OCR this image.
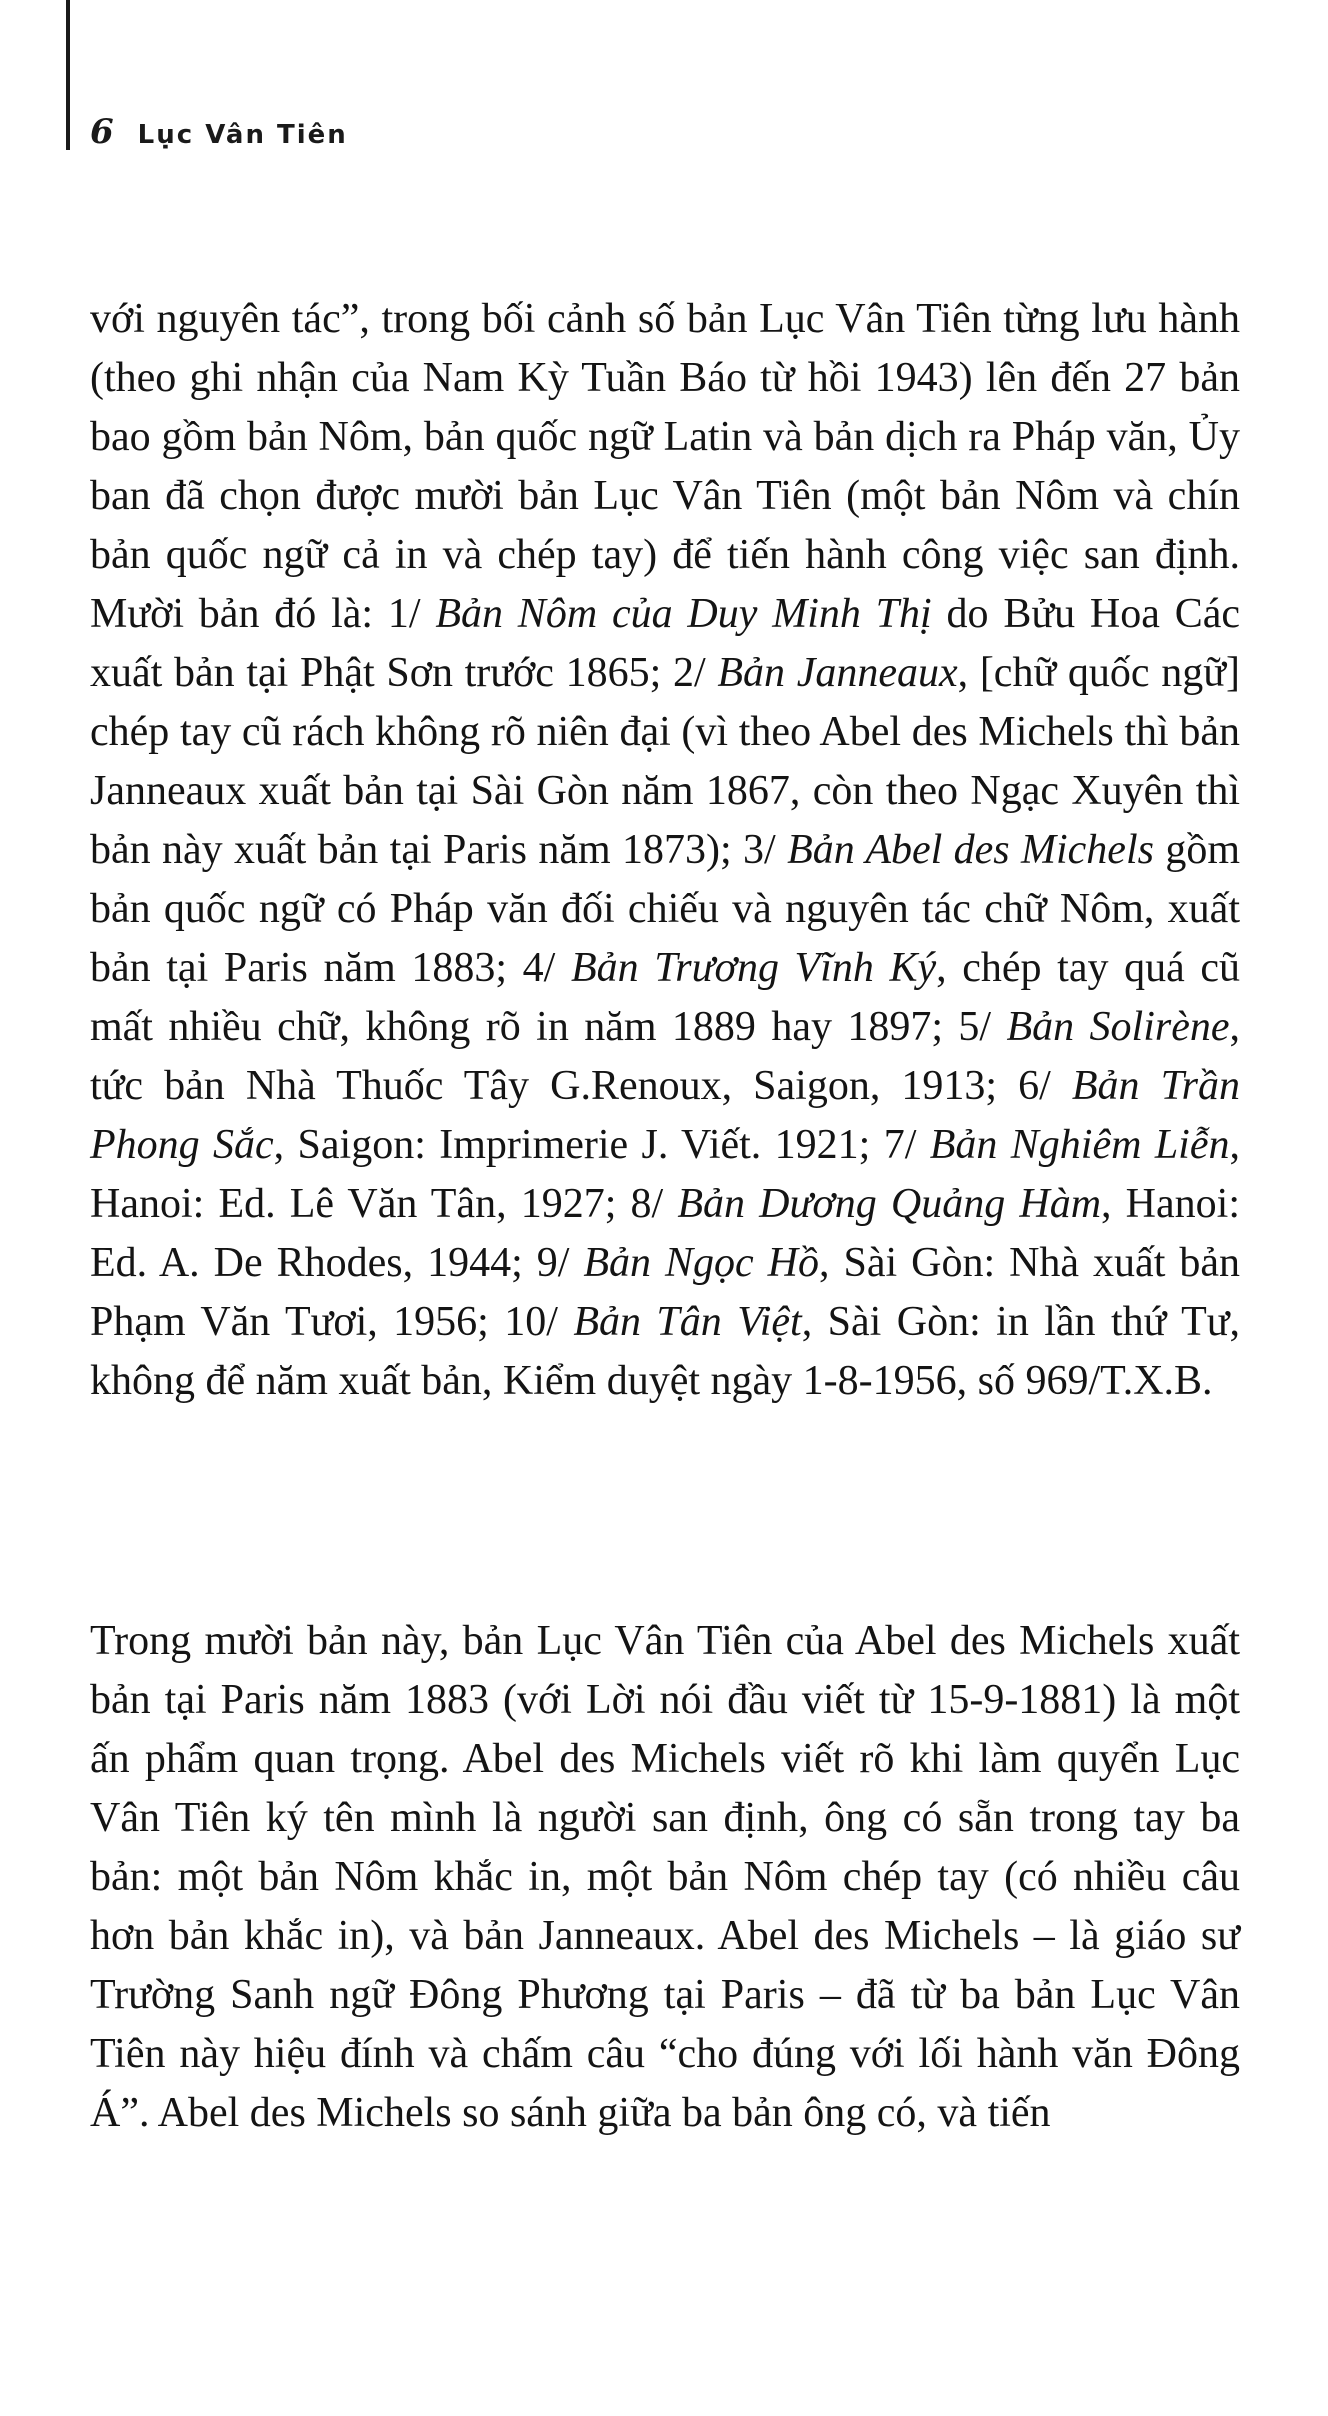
6 Lục Vân Tiên

với nguyên tác”, trong bối cảnh số bản Lục Vân Tiên từng lưu hành (theo ghi nhận của Nam Kỳ Tuần Báo từ hồi 1943) lên đến 27 bản bao gồm bản Nôm, bản quốc ngữ Latin và bản dịch ra Pháp văn, Ủy ban đã chọn được mười bản Lục Vân Tiên (một bản Nôm và chín bản quốc ngữ cả in và chép tay) để tiến hành công việc san định. Mười bản đó là: 1/ Bản Nôm của Duy Minh Thị do Bửu Hoa Các xuất bản tại Phật Sơn trước 1865; 2/ Bản Janneaux, [chữ quốc ngữ] chép tay cũ rách không rõ niên đại (vì theo Abel des Michels thì bản Janneaux xuất bản tại Sài Gòn năm 1867, còn theo Ngạc Xuyên thì bản này xuất bản tại Paris năm 1873); 3/ Bản Abel des Michels gồm bản quốc ngữ có Pháp văn đối chiếu và nguyên tác chữ Nôm, xuất bản tại Paris năm 1883; 4/ Bản Trương Vĩnh Ký, chép tay quá cũ mất nhiều chữ, không rõ in năm 1889 hay 1897; 5/ Bản Solirène, tức bản Nhà Thuốc Tây G.Renoux, Saigon, 1913; 6/ Bản Trần Phong Sắc, Saigon: Imprimerie J. Viết. 1921; 7/ Bản Nghiêm Liễn, Hanoi: Ed. Lê Văn Tân, 1927; 8/ Bản Dương Quảng Hàm, Hanoi: Ed. A. De Rhodes, 1944; 9/ Bản Ngọc Hồ, Sài Gòn: Nhà xuất bản Phạm Văn Tươi, 1956; 10/ Bản Tân Việt, Sài Gòn: in lần thứ Tư, không để năm xuất bản, Kiểm duyệt ngày 1-8-1956, số 969/T.X.B.

Trong mười bản này, bản Lục Vân Tiên của Abel des Michels xuất bản tại Paris năm 1883 (với Lời nói đầu viết từ 15-9-1881) là một ấn phẩm quan trọng. Abel des Michels viết rõ khi làm quyển Lục Vân Tiên ký tên mình là người san định, ông có sẵn trong tay ba bản: một bản Nôm khắc in, một bản Nôm chép tay (có nhiều câu hơn bản khắc in), và bản Janneaux. Abel des Michels – là giáo sư Trường Sanh ngữ Đông Phương tại Paris – đã từ ba bản Lục Vân Tiên này hiệu đính và chấm câu “cho đúng với lối hành văn Đông Á”. Abel des Michels so sánh giữa ba bản ông có, và tiến
